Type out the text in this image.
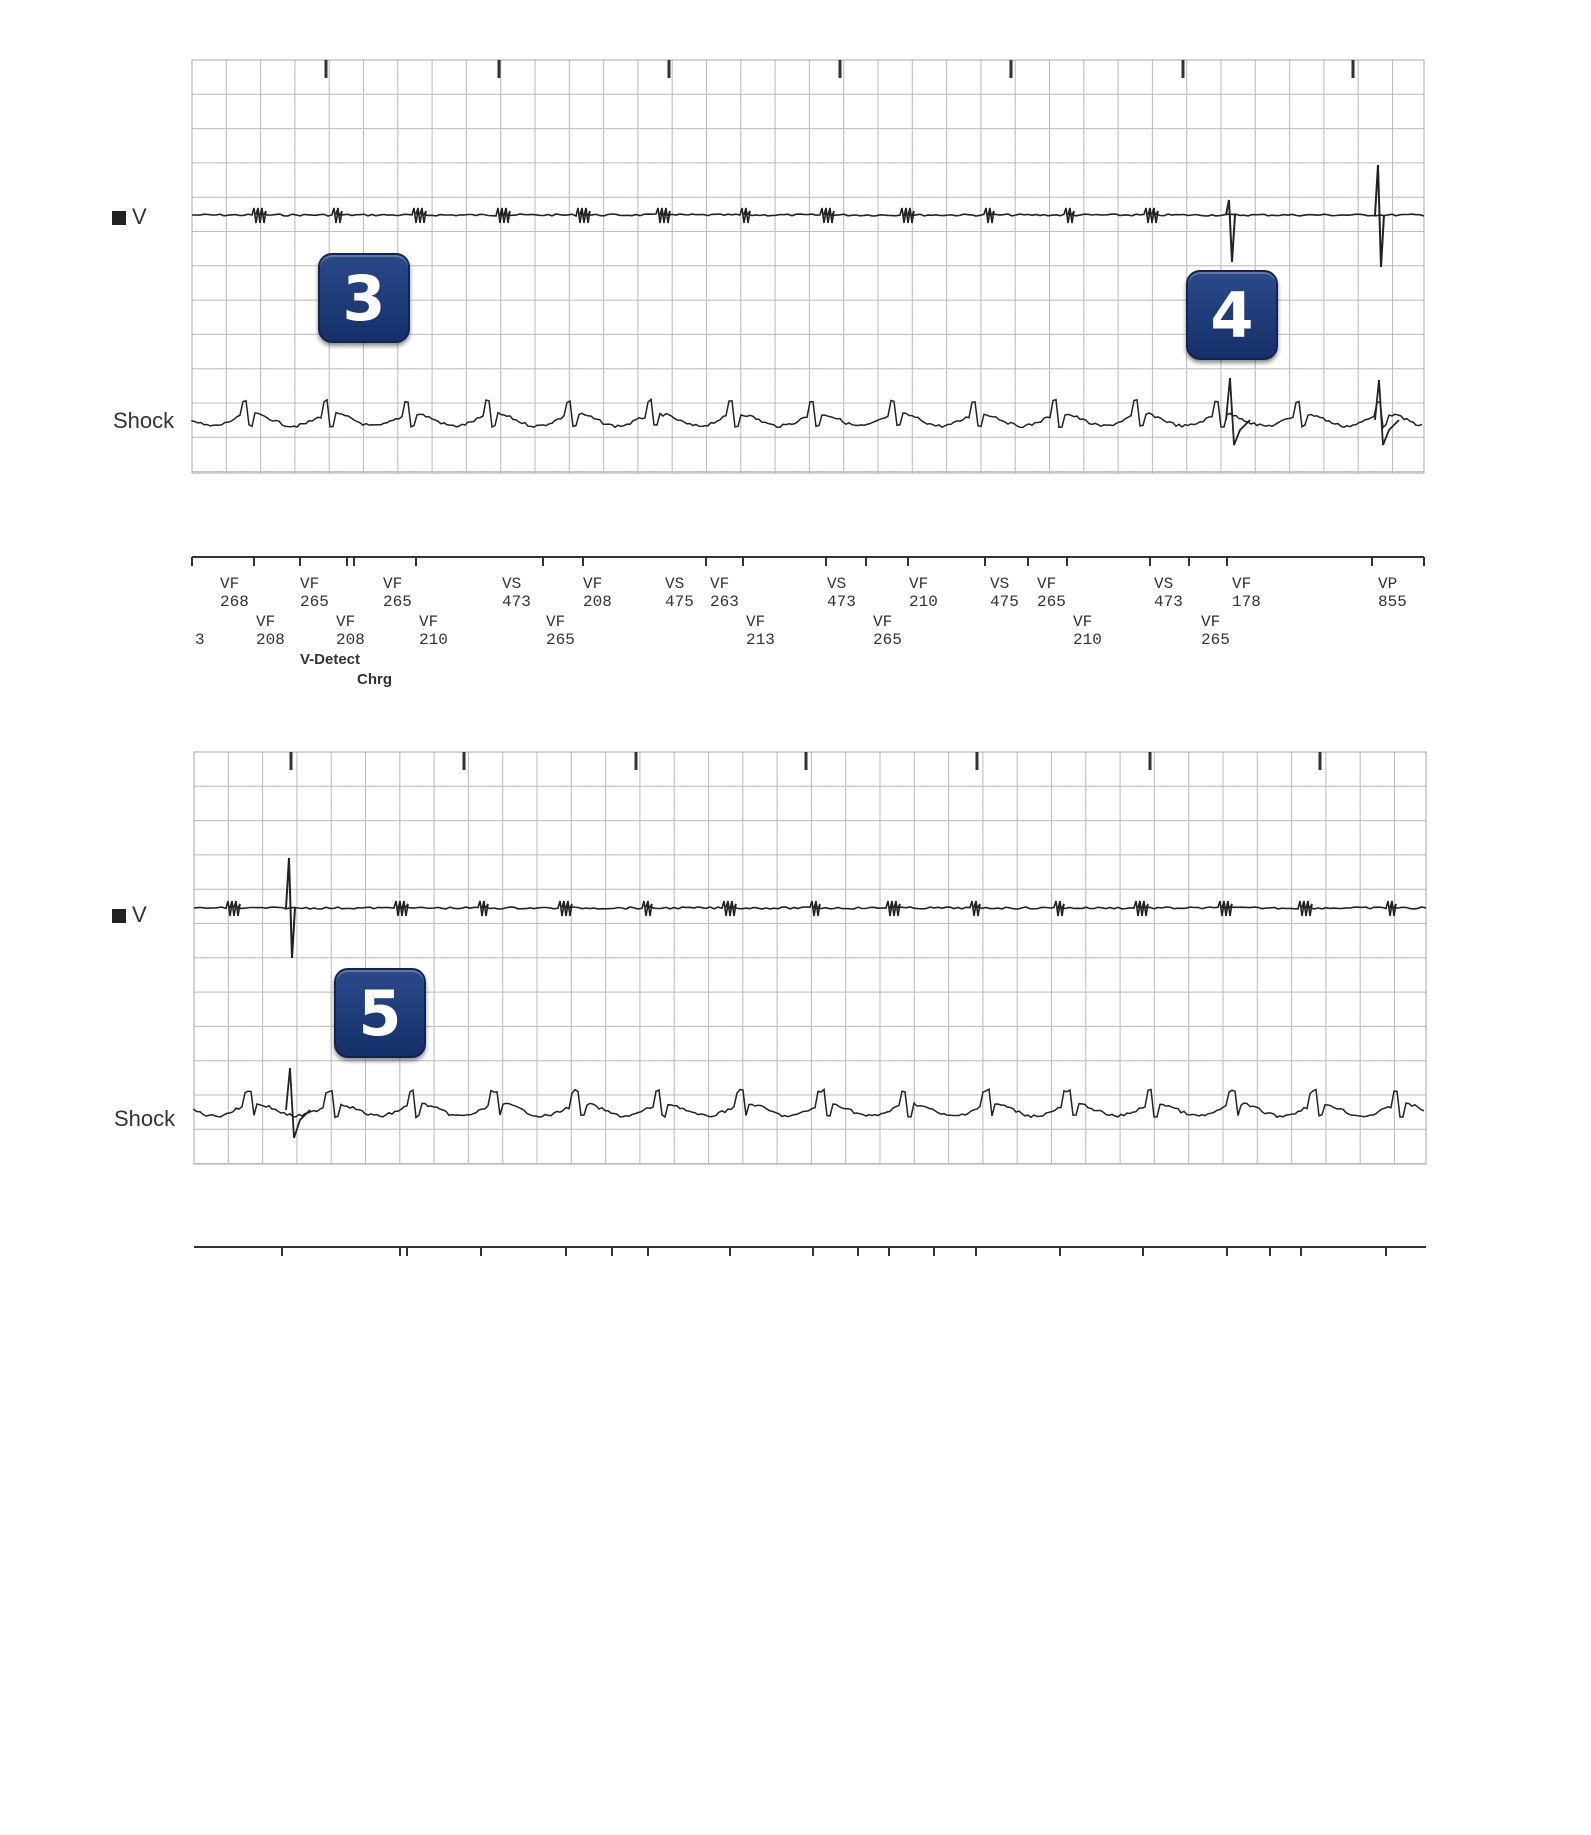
V
Shock
V
Shock
3	4
5
VF
268
VF
265
VF
265
VS
473
VF
208
VS
475
VF
263
VS
473
VF
210
VS
475
VF
265
VS
473
VF
178
VP
855

3
VF
208
VF
208
VF
210
VF
265
VF
213
VF
265
VF
210
VF
265
V-Detect
Chrg
